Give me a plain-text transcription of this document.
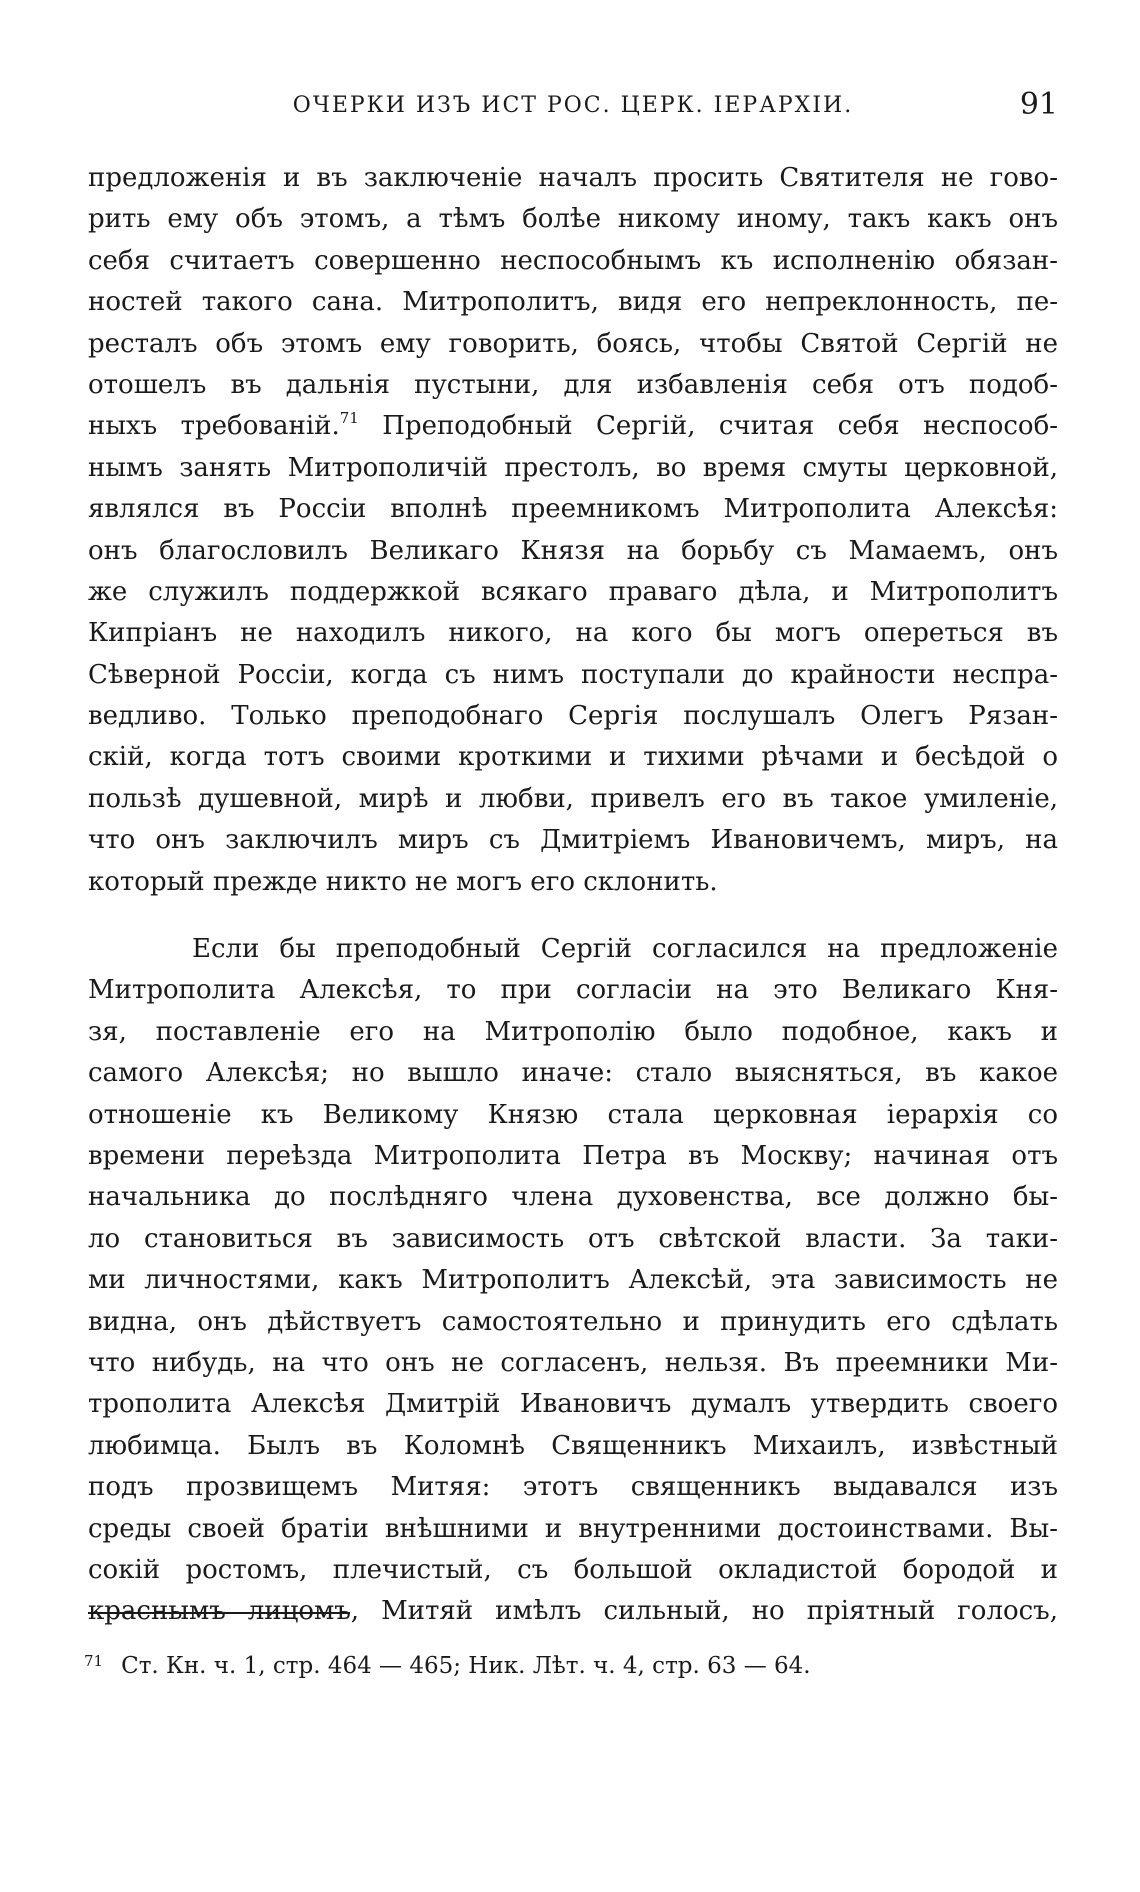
ОЧЕРКИ ИЗЪ ИСТ РОС. ЦЕРК. ІЕРАРХІИ.	91
предложенія и въ заключеніе началъ просить Святителя не гово-
рить ему объ этомъ, а тѣмъ болѣе никому иному, такъ какъ онъ
себя считаетъ совершенно неспособнымъ къ исполненію обязан-
ностей такого сана. Митрополитъ, видя его непреклонность, пе-
ресталъ объ этомъ ему говорить, боясь, чтобы Святой Сергій не
отошелъ въ дальнія пустыни, для избавленія себя отъ подоб-
ныхъ требованій.$^{71}$ Преподобный Сергій, считая себя неспособ-
нымъ занять Митрополичій престолъ, во время смуты церковной,
являлся въ Россіи вполнѣ преемникомъ Митрополита Алексѣя:
онъ благословилъ Великаго Князя на борьбу съ Мамаемъ, онъ
же служилъ поддержкой всякаго праваго дѣла, и Митрополитъ
Кипріанъ не находилъ никого, на кого бы могъ опереться въ
Сѣверной Россіи, когда съ нимъ поступали до крайности неспра-
ведливо. Только преподобнаго Сергія послушалъ Олегъ Рязан-
скій, когда тотъ своими кроткими и тихими рѣчами и бесѣдой о
пользѣ душевной, мирѣ и любви, привелъ его въ такое умиленіе,
что онъ заключилъ миръ съ Дмитріемъ Ивановичемъ, миръ, на
который прежде никто не могъ его склонить.
Если бы преподобный Сергій согласился на предложеніе
Митрополита Алексѣя, то при согласіи на это Великаго Кня-
зя, поставленіе его на Митрополію было подобное, какъ и
самого Алексѣя; но вышло иначе: стало выясняться, въ какое
отношеніе къ Великому Князю стала церковная іерархія со
времени переѣзда Митрополита Петра въ Москву; начиная отъ
начальника до послѣдняго члена духовенства, все должно бы-
ло становиться въ зависимость отъ свѣтской власти. За таки-
ми личностями, какъ Митрополитъ Алексѣй, эта зависимость не
видна, онъ дѣйствуетъ самостоятельно и принудить его сдѣлать
что нибудь, на что онъ не согласенъ, нельзя. Въ преемники Ми-
трополита Алексѣя Дмитрій Ивановичъ думалъ утвердить своего
любимца. Былъ въ Коломнѣ Священникъ Михаилъ, извѣстный
подъ прозвищемъ Митяя: этотъ священникъ выдавался изъ
среды своей братіи внѣшними и внутренними достоинствами. Вы-
сокій ростомъ, плечистый, съ большой окладистой бородой и
краснымъ лицомъ, Митяй имѣлъ сильный, но пріятный голосъ,
$^{71}$ Ст. Кн. ч. 1, стр. 464 — 465; Ник. Лѣт. ч. 4, стр. 63 — 64.
